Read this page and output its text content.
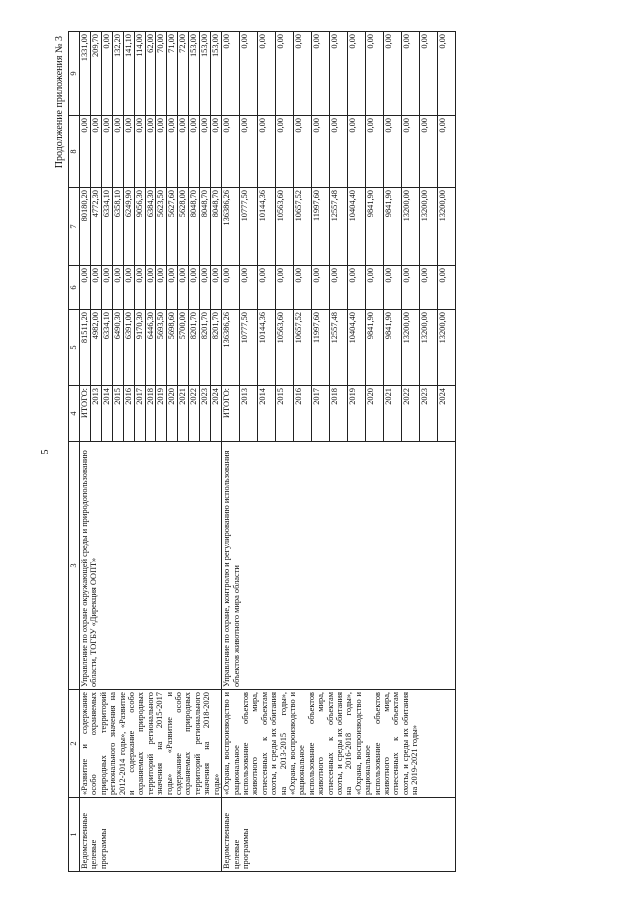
5
Продолжение приложения № 3
1	2	3	4	5	6	7	8	9
Ведомственные целевые программы	«Развитие и содержание особо охраняемых природных территорий регионального значения на 2012-2014 годы», «Развитие и содержание особо охраняемых природных территорий регионального значения на 2015-2017 годы» «Развитие и содержание особо охраняемых природных территорий регионального значения на 2018-2020 годы»	Управление по охране окружающей среды и природопользованию области, ТОГБУ «Дирекция ООПТ»	ИТОГО:	81511,20	0,00	80180,20	0,00	1331,00
			2013	4982,00	0,00	4772,30	0,00	209,70
			2014	6334,10	0,00	6334,10	0,00	0,00
			2015	6490,30	0,00	6358,10	0,00	132,20
			2016	6391,00	0,00	6249,90	0,00	141,10
			2017	9170,30	0,00	9056,30	0,00	114,00
			2018	6446,30	0,00	6384,30	0,00	62,00
			2019	5693,50	0,00	5623,50	0,00	70,00
			2020	5698,60	0,00	5627,60	0,00	71,00
			2021	5700,00	0,00	5628,00	0,00	72,00
			2022	8201,70	0,00	8048,70	0,00	153,00
			2023	8201,70	0,00	8048,70	0,00	153,00
			2024	8201,70	0,00	8048,70	0,00	153,00
Ведомственные целевые программы	«Охрана, воспроизводство и рациональное использование объектов животного мира, отнесенных к объектам охоты, и среды их обитания на 2013-2015 годы», «Охрана, воспроизводство и рациональное использование объектов животного мира, отнесенных к объектам охоты, и среды их обитания на 2016-2018 годы», «Охрана, воспроизводство и рациональное использование объектов животного мира, отнесенных к объектам охоты, и среды их обитания на 2019-2021 годы»	Управление по охране, контролю и регулированию использования объектов животного мира области	ИТОГО:	136386,26	0,00	136386,26	0,00	0,00
			2013	10777,50	0,00	10777,50	0,00	0,00
			2014	10144,36	0,00	10144,36	0,00	0,00
			2015	10563,60	0,00	10563,60	0,00	0,00
			2016	10657,52	0,00	10657,52	0,00	0,00
			2017	11997,60	0,00	11997,60	0,00	0,00
			2018	12557,48	0,00	12557,48	0,00	0,00
			2019	10404,40	0,00	10404,40	0,00	0,00
			2020	9841,90	0,00	9841,90	0,00	0,00
			2021	9841,90	0,00	9841,90	0,00	0,00
			2022	13200,00	0,00	13200,00	0,00	0,00
			2023	13200,00	0,00	13200,00	0,00	0,00
			2024	13200,00	0,00	13200,00	0,00	0,00
